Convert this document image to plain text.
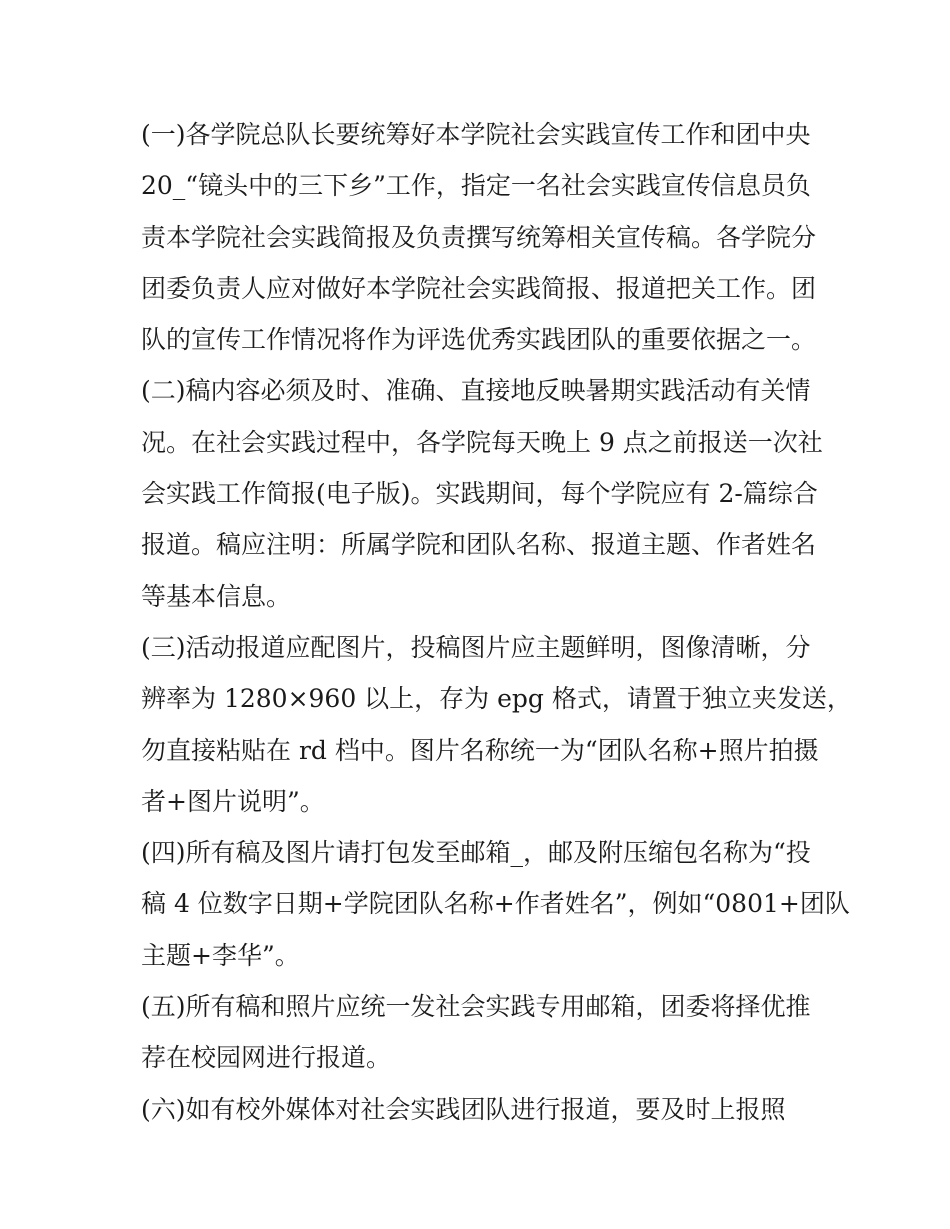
(一)各学院总队长要统筹好本学院社会实践宣传工作和团中央
20_“镜头中的三下乡”工作，指定一名社会实践宣传信息员负
责本学院社会实践简报及负责撰写统筹相关宣传稿。各学院分
团委负责人应对做好本学院社会实践简报、报道把关工作。团
队的宣传工作情况将作为评选优秀实践团队的重要依据之一。
(二)稿内容必须及时、准确、直接地反映暑期实践活动有关情
况。在社会实践过程中，各学院每天晚上 9 点之前报送一次社
会实践工作简报(电子版)。实践期间，每个学院应有 2-篇综合
报道。稿应注明：所属学院和团队名称、报道主题、作者姓名
等基本信息。
(三)活动报道应配图片，投稿图片应主题鲜明，图像清晰，分
辨率为 1280×960 以上，存为 epg 格式，请置于独立夹发送，
勿直接粘贴在 rd 档中。图片名称统一为“团队名称+照片拍摄
者+图片说明”。
(四)所有稿及图片请打包发至邮箱_，邮及附压缩包名称为“投
稿 4 位数字日期+学院团队名称+作者姓名”，例如“0801+团队
主题+李华”。
(五)所有稿和照片应统一发社会实践专用邮箱，团委将择优推
荐在校园网进行报道。
(六)如有校外媒体对社会实践团队进行报道，要及时上报照
